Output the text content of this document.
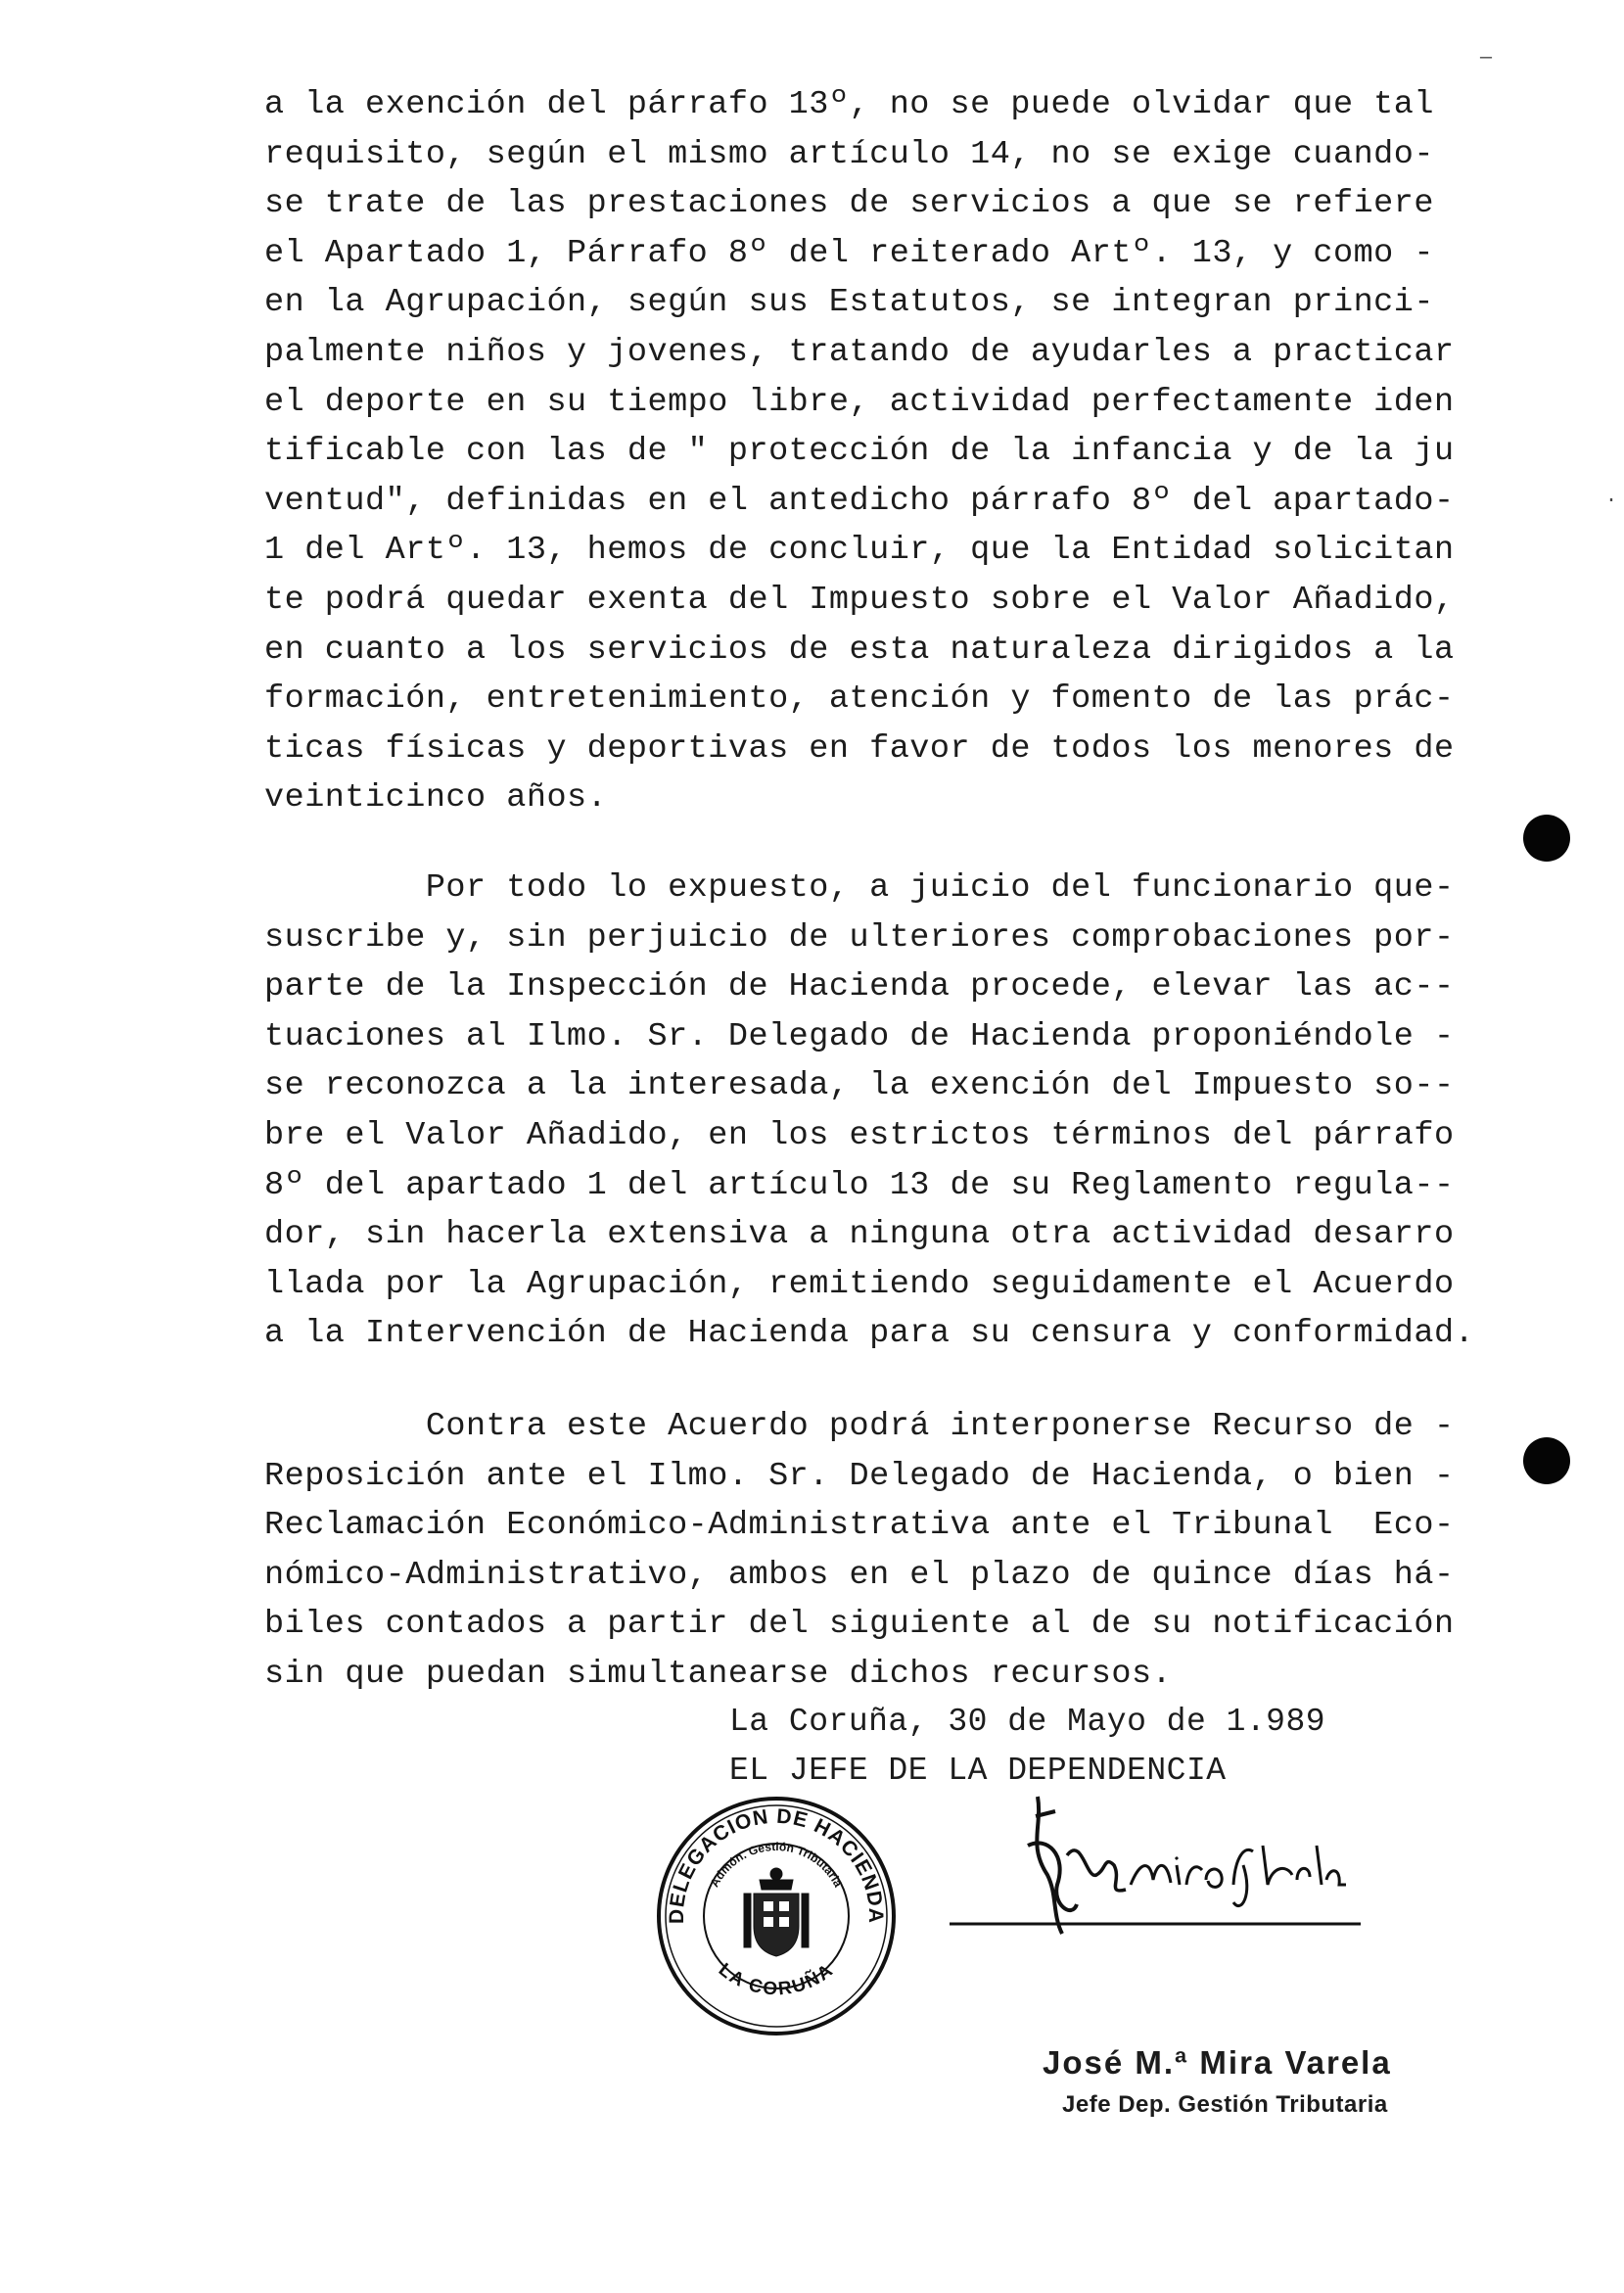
·
—
a la exención del párrafo 13º, no se puede olvidar que tal
requisito, según el mismo artículo 14, no se exige cuando-
se trate de las prestaciones de servicios a que se refiere
el Apartado 1, Párrafo 8º del reiterado Artº. 13, y como -
en la Agrupación, según sus Estatutos, se integran princi-
palmente niños y jovenes, tratando de ayudarles a practicar
el deporte en su tiempo libre, actividad perfectamente iden
tificable con las de " protección de la infancia y de la ju
ventud", definidas en el antedicho párrafo 8º del apartado-
1 del Artº. 13, hemos de concluir, que la Entidad solicitan
te podrá quedar exenta del Impuesto sobre el Valor Añadido,
en cuanto a los servicios de esta naturaleza dirigidos a la
formación, entretenimiento, atención y fomento de las prác-
ticas físicas y deportivas en favor de todos los menores de
veinticinco años.
Por todo lo expuesto, a juicio del funcionario que-
suscribe y, sin perjuicio de ulteriores comprobaciones por-
parte de la Inspección de Hacienda procede, elevar las ac--
tuaciones al Ilmo. Sr. Delegado de Hacienda proponiéndole -
se reconozca a la interesada, la exención del Impuesto so--
bre el Valor Añadido, en los estrictos términos del párrafo
8º del apartado 1 del artículo 13 de su Reglamento regula--
dor, sin hacerla extensiva a ninguna otra actividad desarro
llada por la Agrupación, remitiendo seguidamente el Acuerdo
a la Intervención de Hacienda para su censura y conformidad.
Contra este Acuerdo podrá interponerse Recurso de -
Reposición ante el Ilmo. Sr. Delegado de Hacienda, o bien -
Reclamación Económico-Administrativa ante el Tribunal  Eco-
nómico-Administrativo, ambos en el plazo de quince días há-
biles contados a partir del siguiente al de su notificación
sin que puedan simultanearse dichos recursos.
La Coruña, 30 de Mayo de 1.989
EL JEFE DE LA DEPENDENCIA
DELEGACION DE HACIENDA
Admón. Gestión Tributaria
LA CORUÑA
José M.ª Mira Varela
Jefe Dep. Gestión Tributaria
